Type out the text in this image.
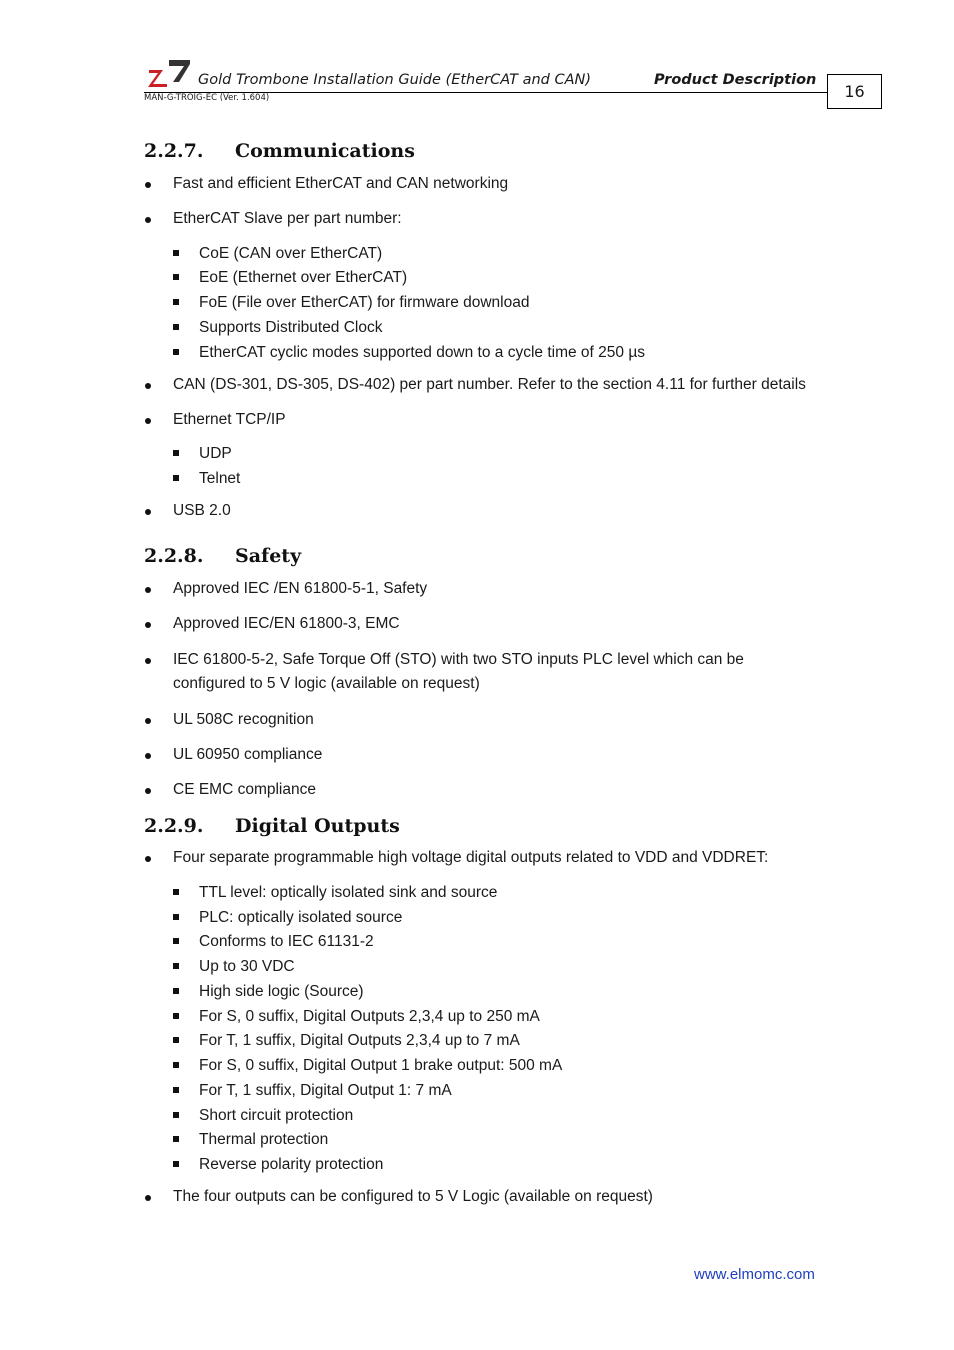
Gold Trombone Installation Guide (EtherCAT and CAN)	Product Description
MAN-G-TROIG-EC (Ver. 1.604)	16
2.2.7. Communications
Fast and efficient EtherCAT and CAN networking
EtherCAT Slave per part number:
CoE (CAN over EtherCAT)
EoE (Ethernet over EtherCAT)
FoE (File over EtherCAT) for firmware download
Supports Distributed Clock
EtherCAT cyclic modes supported down to a cycle time of 250 µs
CAN (DS-301, DS-305, DS-402) per part number. Refer to the section 4.11 for further details
Ethernet TCP/IP
UDP
Telnet
USB 2.0
2.2.8. Safety
Approved IEC /EN 61800-5-1, Safety
Approved IEC/EN 61800-3, EMC
IEC 61800-5-2, Safe Torque Off (STO) with two STO inputs PLC level which can be configured to 5 V logic (available on request)
UL 508C recognition
UL 60950 compliance
CE EMC compliance
2.2.9. Digital Outputs
Four separate programmable high voltage digital outputs related to VDD and VDDRET:
TTL level: optically isolated sink and source
PLC: optically isolated source
Conforms to IEC 61131-2
Up to 30 VDC
High side logic (Source)
For S, 0 suffix, Digital Outputs 2,3,4 up to 250 mA
For T, 1 suffix, Digital Outputs 2,3,4 up to 7 mA
For S, 0 suffix, Digital Output 1 brake output: 500 mA
For T, 1 suffix, Digital Output 1: 7 mA
Short circuit protection
Thermal protection
Reverse polarity protection
The four outputs can be configured to 5 V Logic (available on request)
www.elmomc.com
